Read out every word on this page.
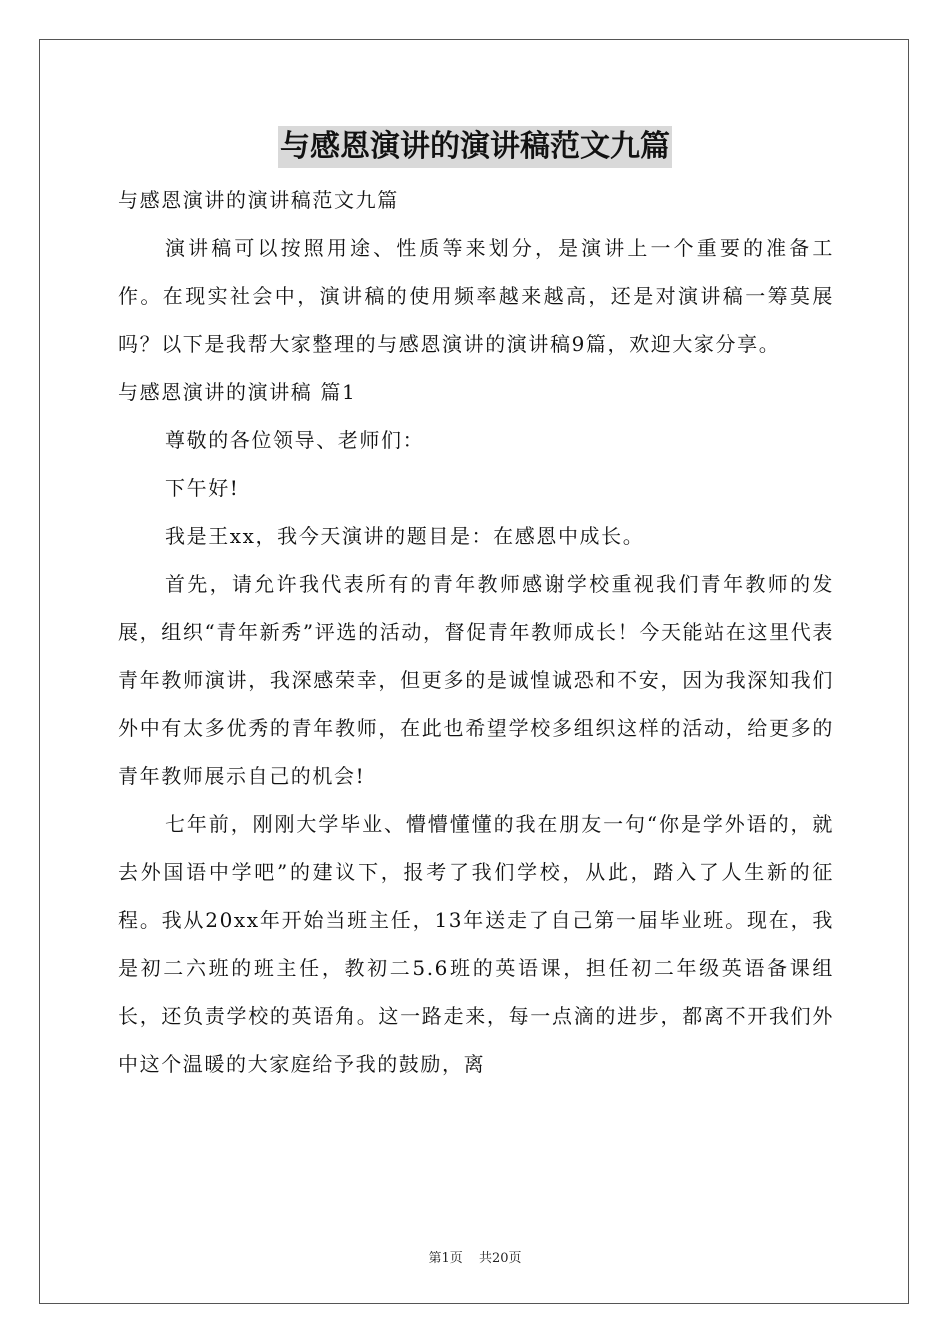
与感恩演讲的演讲稿范文九篇

与感恩演讲的演讲稿范文九篇

演讲稿可以按照用途、性质等来划分，是演讲上一个重要的准备工作。在现实社会中，演讲稿的使用频率越来越高，还是对演讲稿一筹莫展吗？以下是我帮大家整理的与感恩演讲的演讲稿9篇，欢迎大家分享。

与感恩演讲的演讲稿 篇1

尊敬的各位领导、老师们：

下午好!

我是王xx，我今天演讲的题目是：在感恩中成长。

首先，请允许我代表所有的青年教师感谢学校重视我们青年教师的发展，组织“青年新秀”评选的活动，督促青年教师成长！今天能站在这里代表青年教师演讲，我深感荣幸，但更多的是诚惶诚恐和不安，因为我深知我们外中有太多优秀的青年教师，在此也希望学校多组织这样的活动，给更多的青年教师展示自己的机会!

七年前，刚刚大学毕业、懵懵懂懂的我在朋友一句“你是学外语的，就去外国语中学吧”的建议下，报考了我们学校，从此，踏入了人生新的征程。我从20xx年开始当班主任，13年送走了自己第一届毕业班。现在，我是初二六班的班主任，教初二5.6班的英语课，担任初二年级英语备课组长，还负责学校的英语角。这一路走来，每一点滴的进步，都离不开我们外中这个温暖的大家庭给予我的鼓励，离

第1页 共20页
